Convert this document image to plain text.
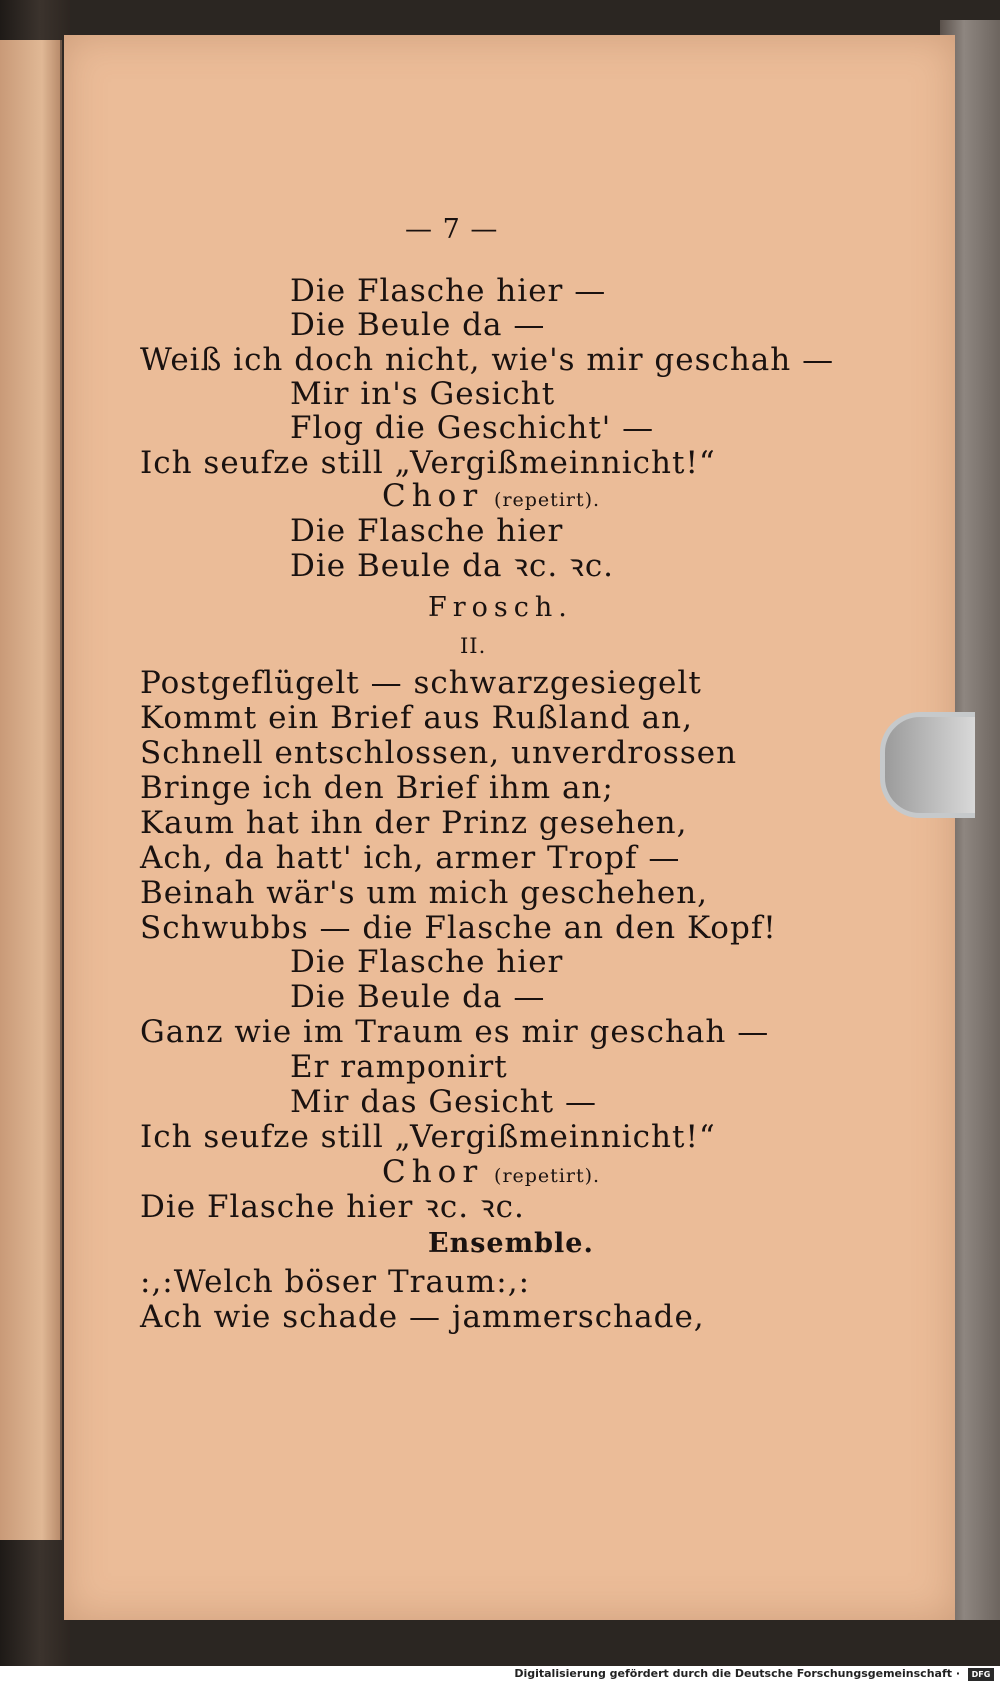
— 7 —
Die Flasche hier —
Die Beule da —
Weiß ich doch nicht, wie's mir geschah —
Mir in's Gesicht
Flog die Geschicht' —
Ich seufze still „Vergißmeinnicht!“
Chor (repetirt).
Die Flasche hier
Die Beule da ꝛc. ꝛc.
Frosch.
II.
Postgeflügelt — schwarzgesiegelt
Kommt ein Brief aus Rußland an,
Schnell entschlossen, unverdrossen
Bringe ich den Brief ihm an;
Kaum hat ihn der Prinz gesehen,
Ach, da hatt' ich, armer Tropf —
Beinah wär's um mich geschehen,
Schwubbs — die Flasche an den Kopf!
Die Flasche hier
Die Beule da —
Ganz wie im Traum es mir geschah —
Er ramponirt
Mir das Gesicht —
Ich seufze still „Vergißmeinnicht!“
Chor (repetirt).
Die Flasche hier ꝛc. ꝛc.
Ensemble.
:,:Welch böser Traum:,:
Ach wie schade — jammerschade,
Digitalisierung gefördert durch die Deutsche Forschungsgemeinschaft ·	DFG
